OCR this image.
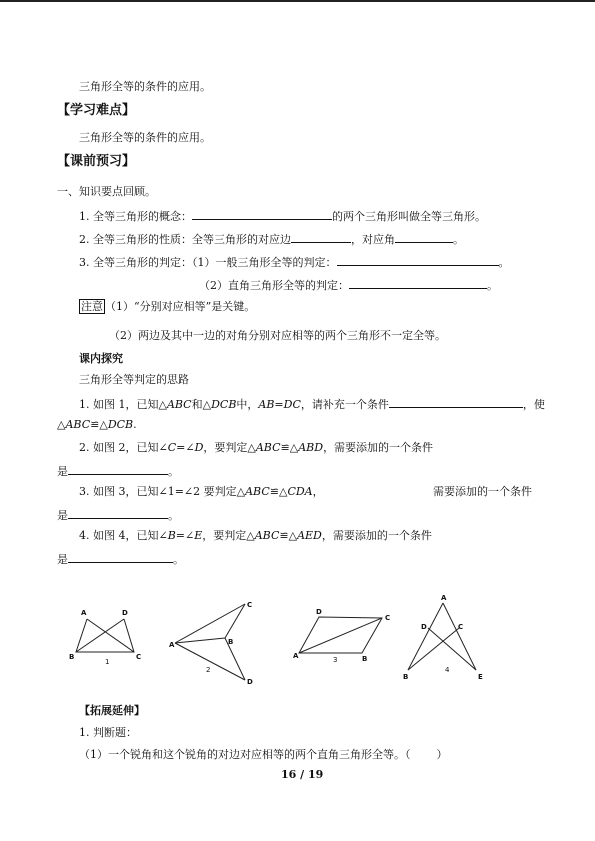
三角形全等的条件的应用。
【学习难点】
三角形全等的条件的应用。
【课前预习】
一、知识要点回顾。
1. 全等三角形的概念：	的两个三角形叫做全等三角形。
2. 全等三角形的性质：全等三角形的对应边	，对应角	。
3. 全等三角形的判定：（1）一般三角形全等的判定：	。
（2）直角三角形全等的判定：	。
注意 （1）“分别对应相等”是关键。
（2）两边及其中一边的对角分别对应相等的两个三角形不一定全等。
课内探究
三角形全等判定的思路
1. 如图 1，已知△ABC和△DCB中，AB=DC，请补充一个条件	，使
△ABC≌△DCB.
2. 如图 2，已知∠C=∠D，要判定△ABC≌△ABD，需要添加的一个条件
是	。
3. 如图 3，已知∠1=∠2 要判定△ABC≌△CDA，	需要添加的一个条件
是	。
4. 如图 4，已知∠B=∠E，要判定△ABC≌△AED，需要添加的一个条件
是	。
A	D
B	C
1
A	B
C
D
2
A	B
C
D
3
A
B
C
D
E
4
【拓展延伸】
1. 判断题：
（1）一个锐角和这个锐角的对边对应相等的两个直角三角形全等。（ ）
16 / 19
